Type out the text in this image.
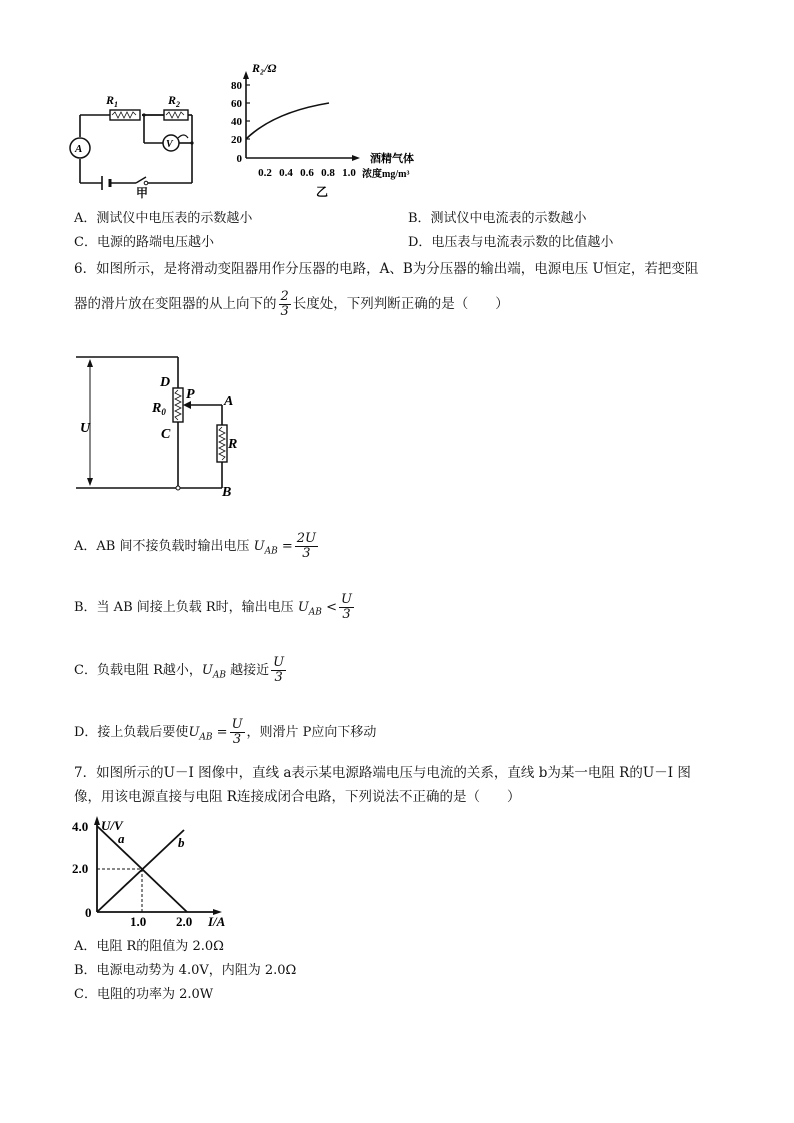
$R_1$	$R_2$
A	V
甲
R₂/Ω
80
60
40
20
0
0.2 0.4 0.6 0.8 1.0
酒精气体
浓度mg/m³
乙
A．测试仪中电压表的示数越小	B．测试仪中电流表的示数越小
C．电源的路端电压越小	D．电压表与电流表示数的比值越小
6．如图所示，是将滑动变阻器用作分压器的电路，A、B为分压器的输出端，电源电压 U恒定，若把变阻
器的滑片放在变阻器的从上向下的 $\frac{2}{3}$ 长度处，下列判断正确的是（　　）
D
P
$R_0$
C
A
R
U
B
A．AB 间不接负载时输出电压 $U_{AB} = \frac{2U}{3}$
B．当 AB 间接上负载 R时，输出电压 $U_{AB} < \frac{U}{3}$
C．负载电阻 R越小，$U_{AB}$ 越接近 $\frac{U}{3}$
D．接上负载后要使$U_{AB} = \frac{U}{3}$ ，则滑片 P应向下移动
7．如图所示的U－I 图像中，直线 a表示某电源路端电压与电流的关系，直线 b为某一电阻 R的U－I 图
像，用该电源直接与电阻 R连接成闭合电路，下列说法不正确的是（　　）
4.0
2.0
0
1.0 2.0 I/A
U/V
a	b
A．电阻 R的阻值为 2.0Ω
B．电源电动势为 4.0V，内阻为 2.0Ω
C．电阻的功率为 2.0W
